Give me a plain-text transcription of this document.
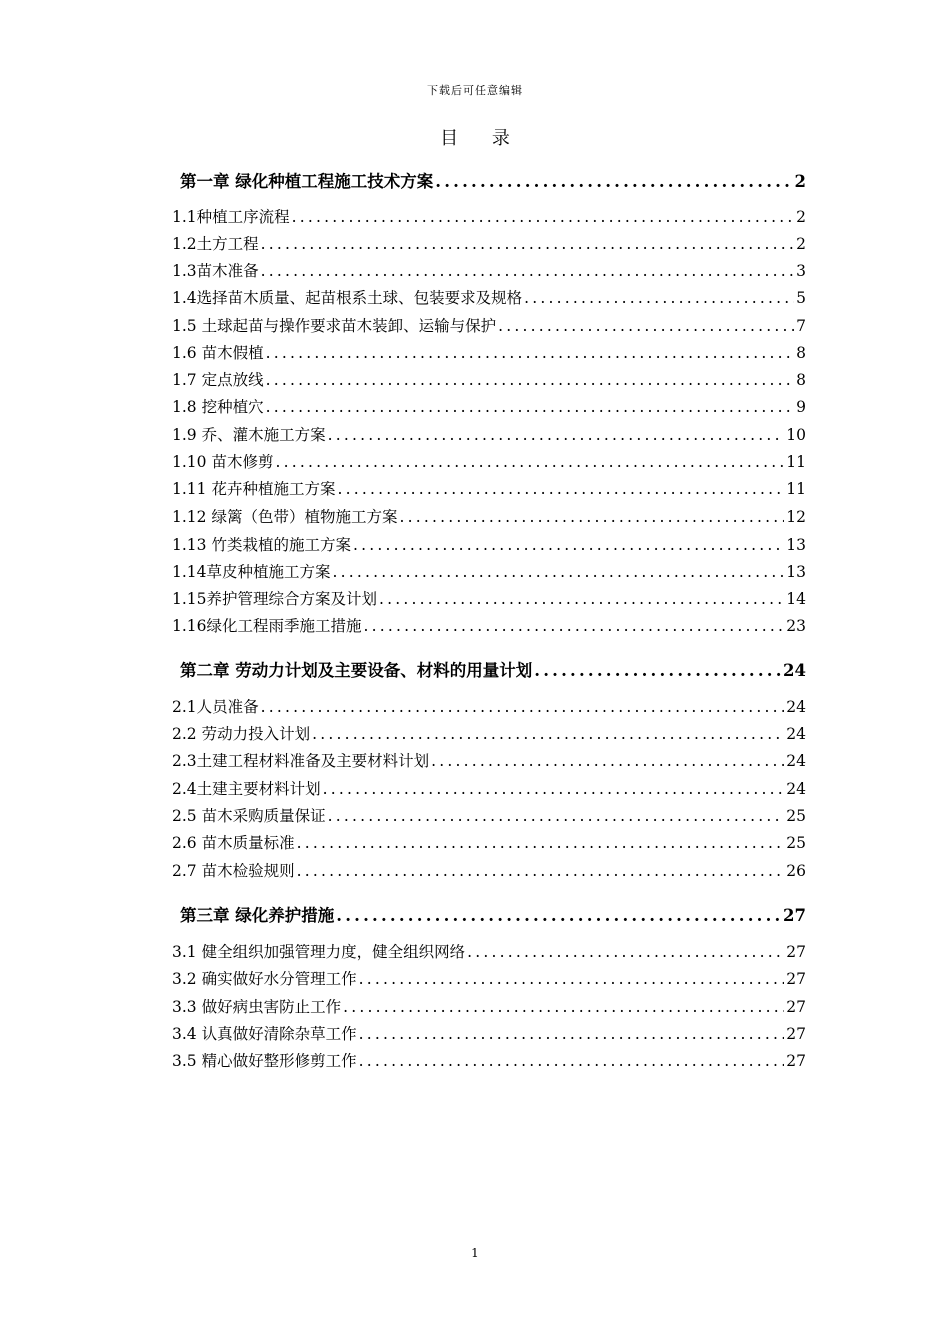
下载后可任意编辑
目 录
第一章 绿化种植工程施工技术方案 .....	2
1.1种植工序流程 .....	2
1.2土方工程 .....	2
1.3苗木准备 .....	3
1.4选择苗木质量、起苗根系土球、包装要求及规格 .....	5
1.5 土球起苗与操作要求苗木装卸、运输与保护 .....	7
1.6 苗木假植 .....	8
1.7 定点放线 .....	8
1.8 挖种植穴 .....	9
1.9 乔、灌木施工方案 .....	10
1.10 苗木修剪 .....	11
1.11 花卉种植施工方案 .....	11
1.12 绿篱（色带）植物施工方案 .....	12
1.13 竹类栽植的施工方案 .....	13
1.14草皮种植施工方案 .....	13
1.15养护管理综合方案及计划 .....	14
1.16绿化工程雨季施工措施 .....	23
第二章 劳动力计划及主要设备、材料的用量计划 .....	24
2.1人员准备 .....	24
2.2 劳动力投入计划 .....	24
2.3土建工程材料准备及主要材料计划 .....	24
2.4土建主要材料计划 .....	24
2.5 苗木采购质量保证 .....	25
2.6 苗木质量标准 .....	25
2.7 苗木检验规则 .....	26
第三章 绿化养护措施 .....	27
3.1 健全组织加强管理力度，健全组织网络 .....	27
3.2 确实做好水分管理工作 .....	27
3.3 做好病虫害防止工作 .....	27
3.4 认真做好清除杂草工作 .....	27
3.5 精心做好整形修剪工作 .....	27
1
